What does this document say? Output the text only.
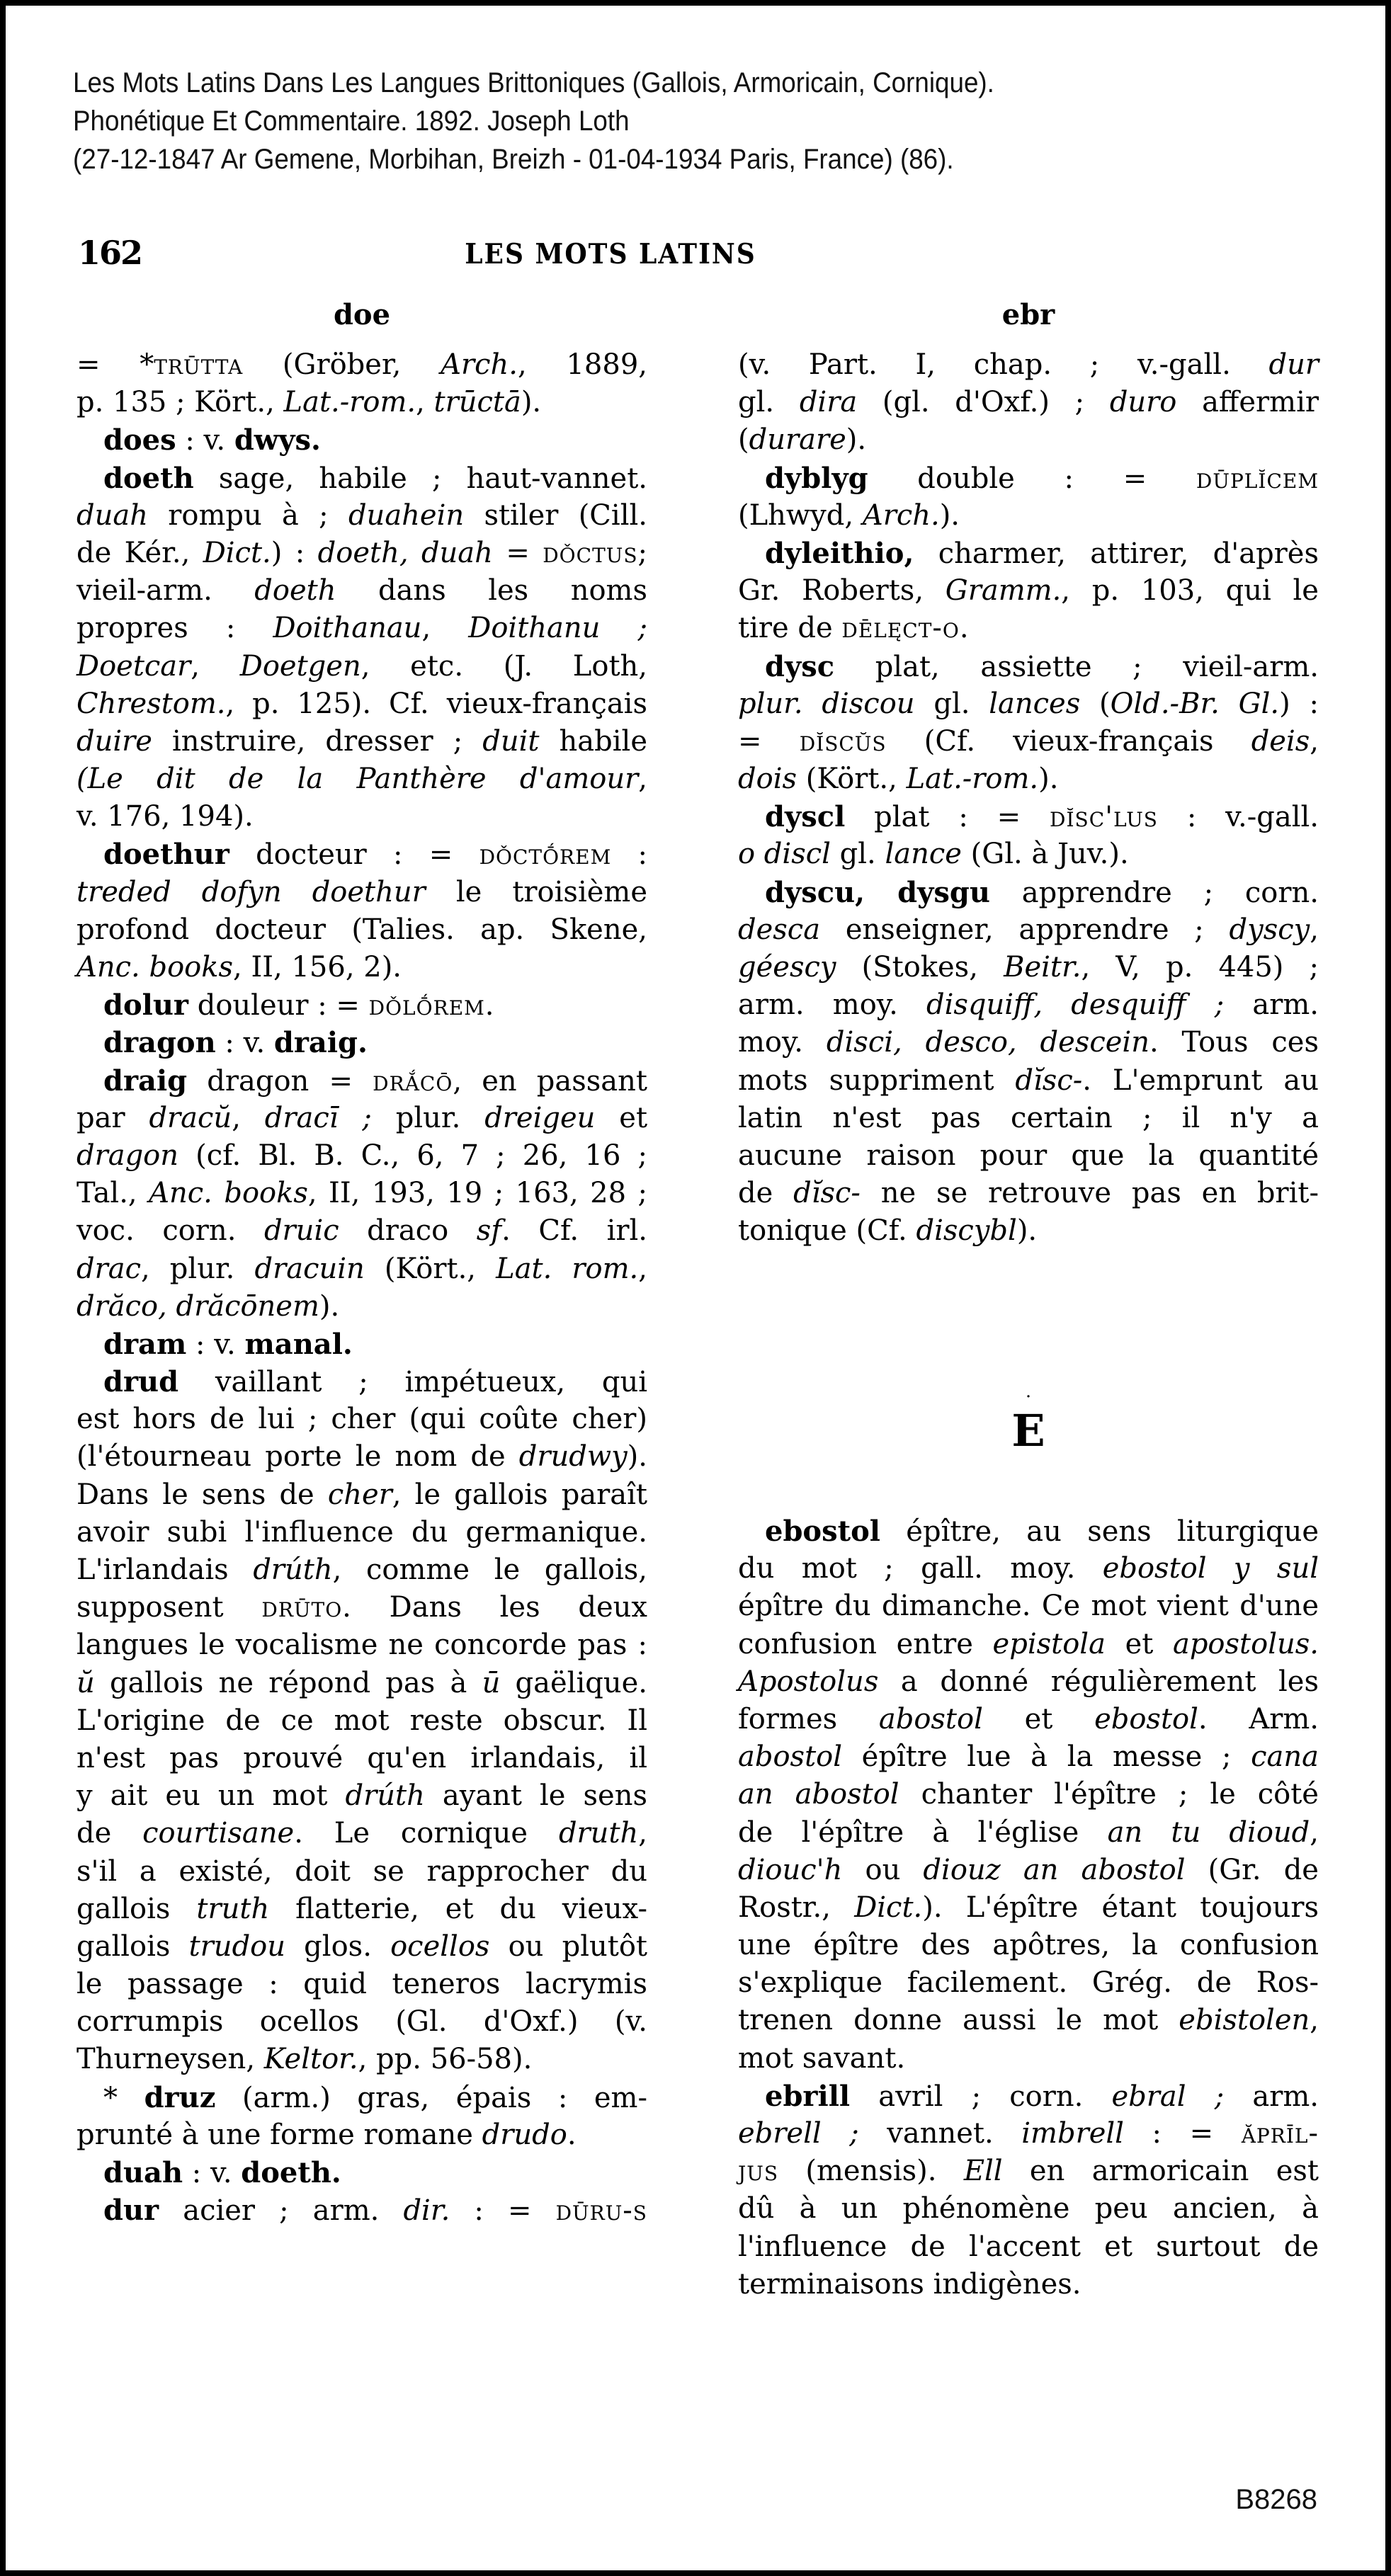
Les Mots Latins Dans Les Langues Brittoniques (Gallois, Armoricain, Cornique).
Phonétique Et Commentaire. 1892. Joseph Loth
(27-12-1847 Ar Gemene, Morbihan, Breizh - 01-04-1934 Paris, France) (86).
162	LES MOTS LATINS
doe
= *trūtta (Gröber, Arch., 1889,
p. 135 ; Kört., Lat.-rom., trūctā).
does : v. dwys.
doeth sage, habile ; haut-vannet.
duah rompu à ; duahein stiler (Cill.
de Kér., Dict.) : doeth, duah = dǒctus;
vieil-arm. doeth dans les noms
propres : Doithanau, Doithanu ;
Doetcar, Doetgen, etc. (J. Loth,
Chrestom., p. 125). Cf. vieux-français
duire instruire, dresser ; duit habile
(Le dit de la Panthère d'amour,
v. 176, 194).
doethur docteur : = dǒctṓrem :
treded dofyn doethur le troisième
profond docteur (Talies. ap. Skene,
Anc. books, II, 156, 2).
dolur douleur : = dǒlṓrem.
dragon : v. draig.
draig dragon = drắcō, en passant
par dracŭ, dracī ; plur. dreigeu et
dragon (cf. Bl. B. C., 6, 7 ; 26, 16 ;
Tal., Anc. books, II, 193, 19 ; 163, 28 ;
voc. corn. druic draco sf. Cf. irl.
drac, plur. dracuin (Kört., Lat. rom.,
drăco, drăcōnem).
dram : v. manal.
drud vaillant ; impétueux, qui
est hors de lui ; cher (qui coûte cher)
(l'étourneau porte le nom de drudwy).
Dans le sens de cher, le gallois paraît
avoir subi l'influence du germanique.
L'irlandais drúth, comme le gallois,
supposent drūto. Dans les deux
langues le vocalisme ne concorde pas :
ŭ gallois ne répond pas à ū gaëlique.
L'origine de ce mot reste obscur. Il
n'est pas prouvé qu'en irlandais, il
y ait eu un mot drúth ayant le sens
de courtisane. Le cornique druth,
s'il a existé, doit se rapprocher du
gallois truth flatterie, et du vieux-
gallois trudou glos. ocellos ou plutôt
le passage : quid teneros lacrymis
corrumpis ocellos (Gl. d'Oxf.) (v.
Thurneysen, Keltor., pp. 56-58).
* druz (arm.) gras, épais : em-
prunté à une forme romane drudo.
duah : v. doeth.
dur acier ; arm. dir. : = dūru-s
ebr
(v. Part. I, chap. ; v.-gall. dur
gl. dira (gl. d'Oxf.) ; duro affermir
(durare).
dyblyg double : = dūplĭcem
(Lhwyd, Arch.).
dyleithio, charmer, attirer, d'après
Gr. Roberts, Gramm., p. 103, qui le
tire de dēlęct-o.
dysc plat, assiette ; vieil-arm.
plur. discou gl. lances (Old.-Br. Gl.) :
= dĭscŭs (Cf. vieux-français deis,
dois (Kört., Lat.-rom.).
dyscl plat : = dĭsc'lus : v.-gall.
o discl gl. lance (Gl. à Juv.).
dyscu, dysgu apprendre ; corn.
desca enseigner, apprendre ; dyscy,
géescy (Stokes, Beitr., V, p. 445) ;
arm. moy. disquiff, desquiff ; arm.
moy. disci, desco, descein. Tous ces
mots suppriment dĭsc-. L'emprunt au
latin n'est pas certain ; il n'y a
aucune raison pour que la quantité
de dĭsc- ne se retrouve pas en brit-
tonique (Cf. discybl).
·
E
ebostol épître, au sens liturgique
du mot ; gall. moy. ebostol y sul
épître du dimanche. Ce mot vient d'une
confusion entre epistola et apostolus.
Apostolus a donné régulièrement les
formes abostol et ebostol. Arm.
abostol épître lue à la messe ; cana
an abostol chanter l'épître ; le côté
de l'épître à l'église an tu dioud,
diouc'h ou diouz an abostol (Gr. de
Rostr., Dict.). L'épître étant toujours
une épître des apôtres, la confusion
s'explique facilement. Grég. de Ros-
trenen donne aussi le mot ebistolen,
mot savant.
ebrill avril ; corn. ebral ; arm.
ebrell ; vannet. imbrell : = ăprīl-
jus (mensis). Ell en armoricain est
dû à un phénomène peu ancien, à
l'influence de l'accent et surtout de
terminaisons indigènes.
B8268
